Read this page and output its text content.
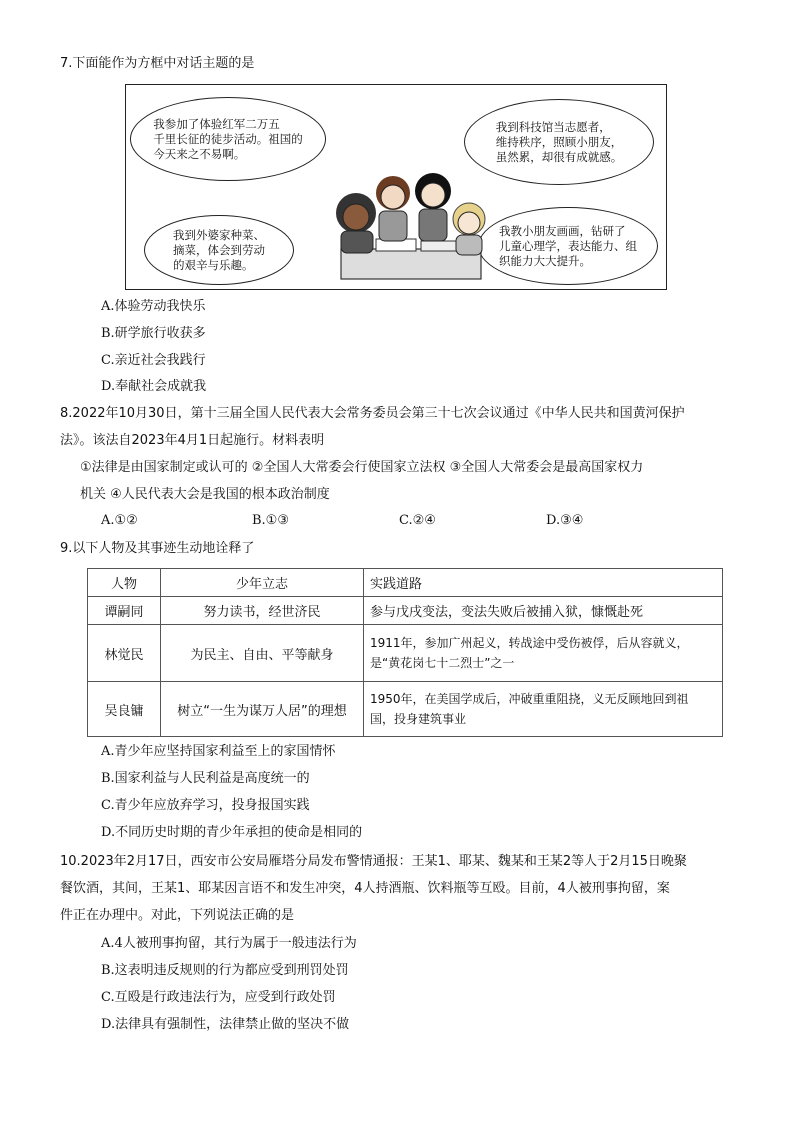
7.下面能作为方框中对话主题的是
我参加了体验红军二万五
千里长征的徒步活动。祖国的
今天来之不易啊。
我到科技馆当志愿者，
维持秩序，照顾小朋友，
虽然累，却很有成就感。
我到外婆家种菜、
摘菜，体会到劳动
的艰辛与乐趣。
我教小朋友画画，钻研了
儿童心理学，表达能力、组
织能力大大提升。
A.体验劳动我快乐
B.研学旅行收获多
C.亲近社会我践行
D.奉献社会成就我
8.2022年10月30日，第十三届全国人民代表大会常务委员会第三十七次会议通过《中华人民共和国黄河保护
法》。该法自2023年4月1日起施行。材料表明
①法律是由国家制定或认可的 ②全国人大常委会行使国家立法权 ③全国人大常委会是最高国家权力
机关 ④人民代表大会是我国的根本政治制度
A.①②	B.①③	C.②④	D.③④
9.以下人物及其事迹生动地诠释了
人物	少年立志	实践道路
谭嗣同	努力读书，经世济民	参与戊戌变法，变法失败后被捕入狱，慷慨赴死
林觉民	为民主、自由、平等献身	1911年，参加广州起义，转战途中受伤被俘，后从容就义，
是“黄花岗七十二烈士”之一

吴良镛	树立“一生为谋万人居”的理想	1950年，在美国学成后，冲破重重阻挠，义无反顾地回到祖
国，投身建筑事业
A.青少年应坚持国家利益至上的家国情怀
B.国家利益与人民利益是高度统一的
C.青少年应放弃学习，投身报国实践
D.不同历史时期的青少年承担的使命是相同的
10.2023年2月17日，西安市公安局雁塔分局发布警情通报：王某1、耶某、魏某和王某2等人于2月15日晚聚
餐饮酒，其间，王某1、耶某因言语不和发生冲突，4人持酒瓶、饮料瓶等互殴。目前，4人被刑事拘留，案
件正在办理中。对此，下列说法正确的是
A.4人被刑事拘留，其行为属于一般违法行为
B.这表明违反规则的行为都应受到刑罚处罚
C.互殴是行政违法行为，应受到行政处罚
D.法律具有强制性，法律禁止做的坚决不做
